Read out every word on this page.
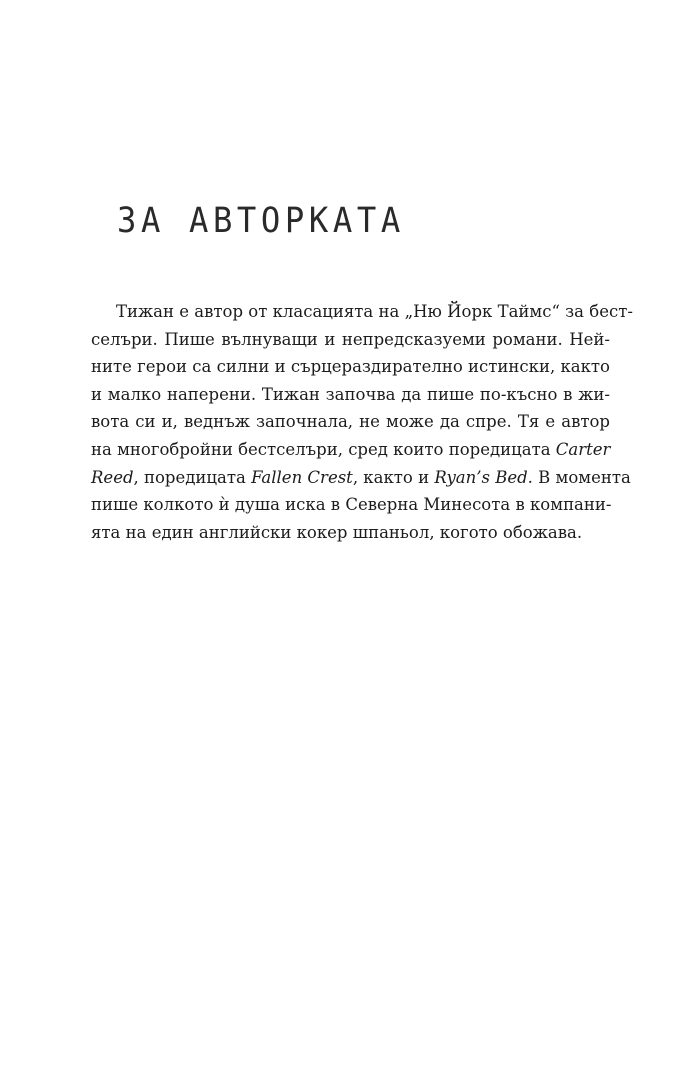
ЗА АВТОРКАТА
Тижан е автор от класацията на „Ню Йорк Таймс“ за бест-
селъри. Пише вълнуващи и непредсказуеми романи. Ней-
ните герои са силни и сърцераздирателно истински, както
и малко наперени. Тижан започва да пише по-късно в жи-
вота си и, веднъж започнала, не може да спре. Тя е автор
на многобройни бестселъри, сред които поредицата Carter
Reed, поредицата Fallen Crest, както и Ryan’s Bed. В момента
пише колкото ѝ душа иска в Северна Минесота в компани-
ята на един английски кокер шпаньол, когото обожава.
